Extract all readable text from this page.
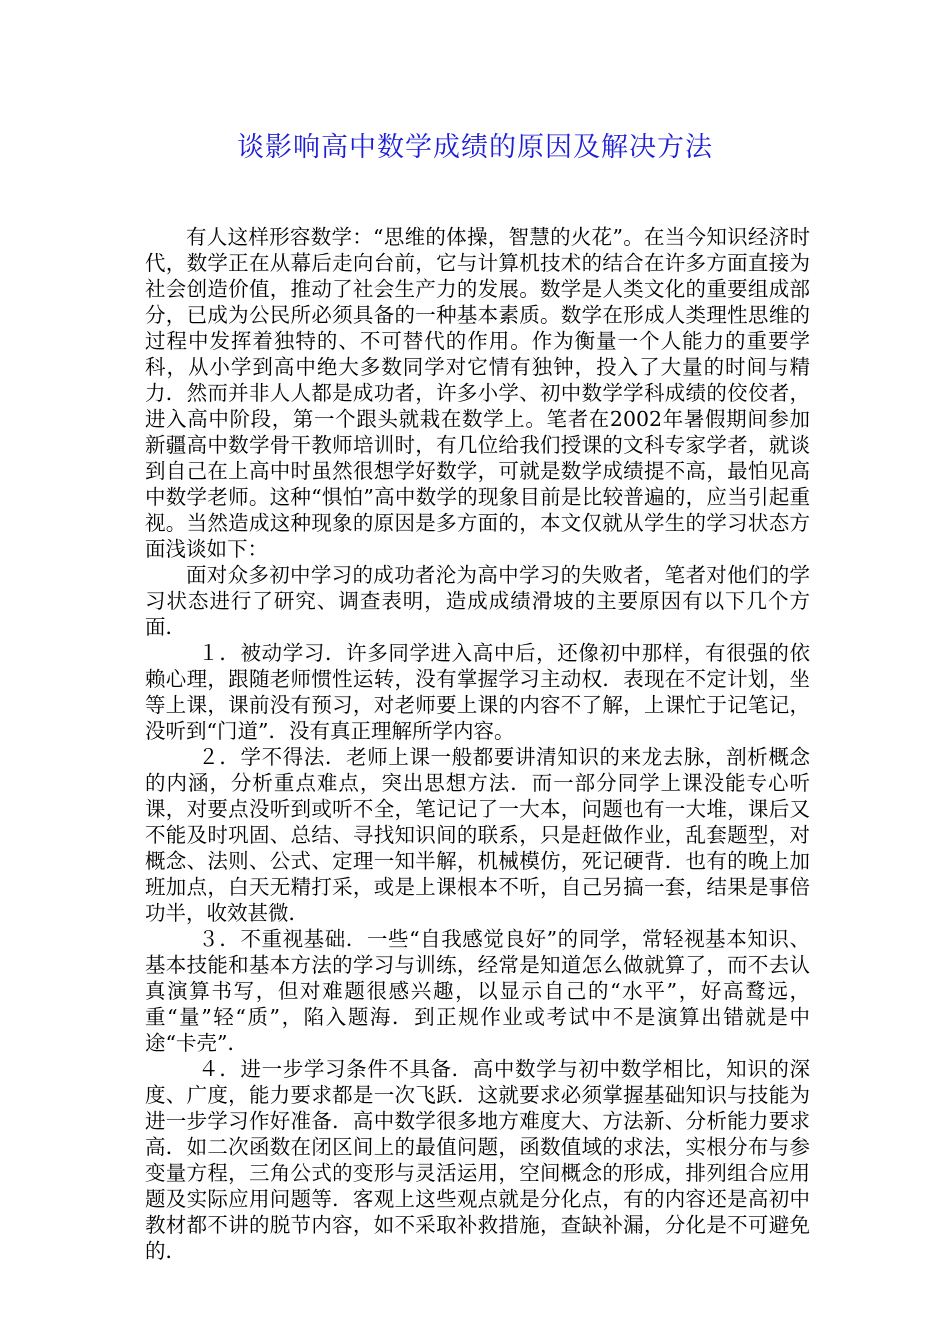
谈影响高中数学成绩的原因及解决方法

有人这样形容数学：“思维的体操，智慧的火花”。在当今知识经济时代，数学正在从幕后走向台前，它与计算机技术的结合在许多方面直接为社会创造价值，推动了社会生产力的发展。数学是人类文化的重要组成部分，已成为公民所必须具备的一种基本素质。数学在形成人类理性思维的过程中发挥着独特的、不可替代的作用。作为衡量一个人能力的重要学科，从小学到高中绝大多数同学对它情有独钟，投入了大量的时间与精力．然而并非人人都是成功者，许多小学、初中数学学科成绩的佼佼者，进入高中阶段，第一个跟头就栽在数学上。笔者在2002年暑假期间参加新疆高中数学骨干教师培训时，有几位给我们授课的文科专家学者，就谈到自己在上高中时虽然很想学好数学，可就是数学成绩提不高，最怕见高中数学老师。这种“惧怕”高中数学的现象目前是比较普遍的，应当引起重视。当然造成这种现象的原因是多方面的，本文仅就从学生的学习状态方面浅谈如下：

面对众多初中学习的成功者沦为高中学习的失败者，笔者对他们的学习状态进行了研究、调查表明，造成成绩滑坡的主要原因有以下几个方面．

１．被动学习．许多同学进入高中后，还像初中那样，有很强的依赖心理，跟随老师惯性运转，没有掌握学习主动权．表现在不定计划，坐等上课，课前没有预习，对老师要上课的内容不了解，上课忙于记笔记，没听到“门道”．没有真正理解所学内容。

２．学不得法．老师上课一般都要讲清知识的来龙去脉，剖析概念的内涵，分析重点难点，突出思想方法．而一部分同学上课没能专心听课，对要点没听到或听不全，笔记记了一大本，问题也有一大堆，课后又不能及时巩固、总结、寻找知识间的联系，只是赶做作业，乱套题型，对概念、法则、公式、定理一知半解，机械模仿，死记硬背．也有的晚上加班加点，白天无精打采，或是上课根本不听，自己另搞一套，结果是事倍功半，收效甚微．

３．不重视基础．一些“自我感觉良好”的同学，常轻视基本知识、基本技能和基本方法的学习与训练，经常是知道怎么做就算了，而不去认真演算书写，但对难题很感兴趣，以显示自己的“水平”，好高鹜远，重“量”轻“质”，陷入题海．到正规作业或考试中不是演算出错就是中途“卡壳”．

４．进一步学习条件不具备．高中数学与初中数学相比，知识的深度、广度，能力要求都是一次飞跃．这就要求必须掌握基础知识与技能为进一步学习作好准备．高中数学很多地方难度大、方法新、分析能力要求高．如二次函数在闭区间上的最值问题，函数值域的求法，实根分布与参变量方程，三角公式的变形与灵活运用，空间概念的形成，排列组合应用题及实际应用问题等．客观上这些观点就是分化点，有的内容还是高初中教材都不讲的脱节内容，如不采取补救措施，查缺补漏，分化是不可避免的．
